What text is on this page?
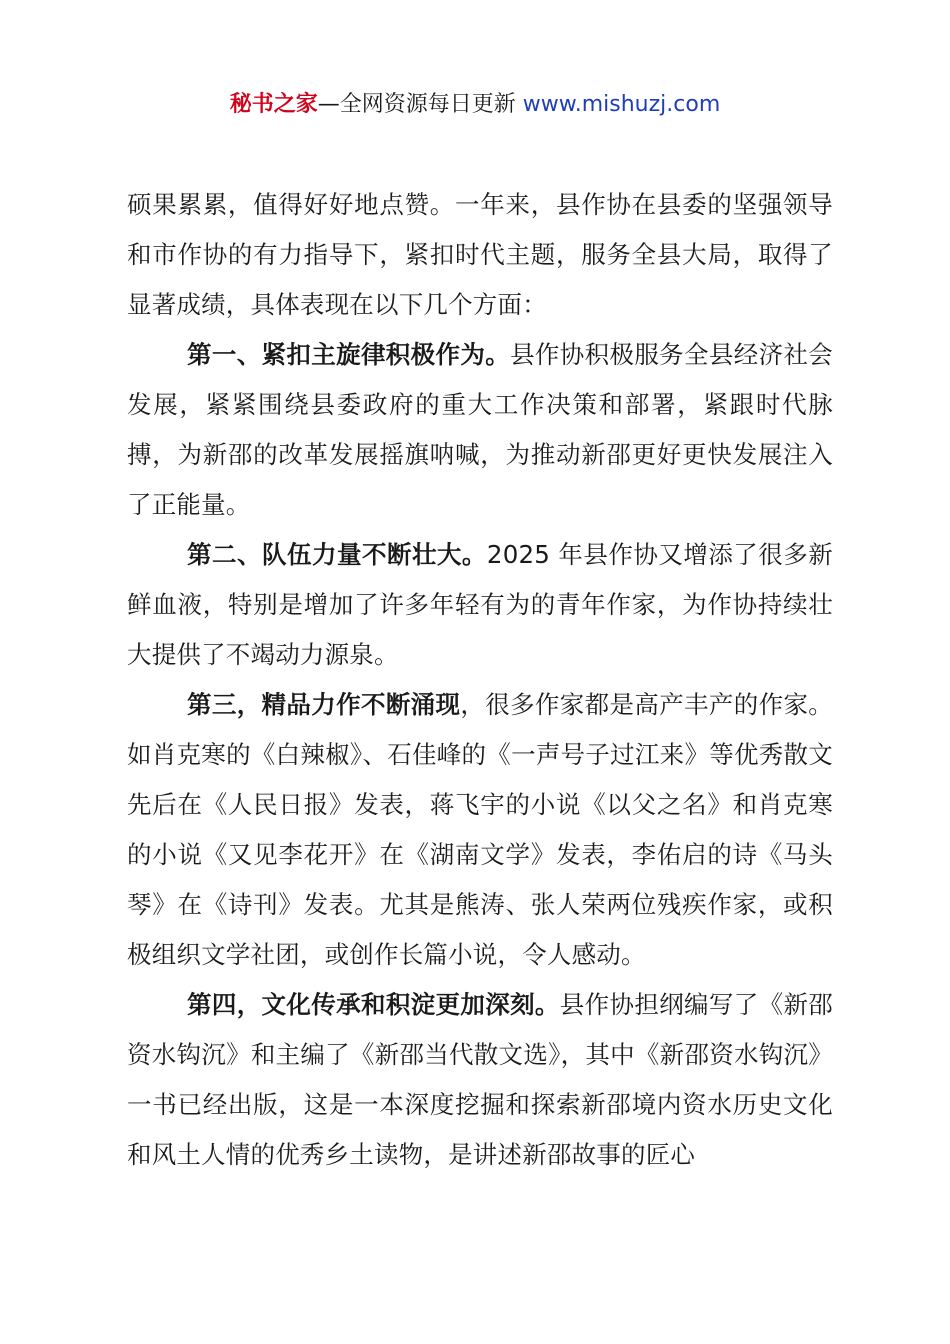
秘书之家—全网资源每日更新 www.mishuzj.com

硕果累累，值得好好地点赞。一年来，县作协在县委的坚强领导和市作协的有力指导下，紧扣时代主题，服务全县大局，取得了显著成绩，具体表现在以下几个方面：

第一、紧扣主旋律积极作为。县作协积极服务全县经济社会发展，紧紧围绕县委政府的重大工作决策和部署，紧跟时代脉搏，为新邵的改革发展摇旗呐喊，为推动新邵更好更快发展注入了正能量。

第二、队伍力量不断壮大。2025 年县作协又增添了很多新鲜血液，特别是增加了许多年轻有为的青年作家，为作协持续壮大提供了不竭动力源泉。

第三，精品力作不断涌现，很多作家都是高产丰产的作家。如肖克寒的《白辣椒》、石佳峰的《一声号子过江来》等优秀散文先后在《人民日报》发表，蒋飞宇的小说《以父之名》和肖克寒的小说《又见李花开》在《湖南文学》发表，李佑启的诗《马头琴》在《诗刊》发表。尤其是熊涛、张人荣两位残疾作家，或积极组织文学社团，或创作长篇小说，令人感动。

第四，文化传承和积淀更加深刻。县作协担纲编写了《新邵资水钩沉》和主编了《新邵当代散文选》，其中《新邵资水钩沉》一书已经出版，这是一本深度挖掘和探索新邵境内资水历史文化和风土人情的优秀乡土读物，是讲述新邵故事的匠心
